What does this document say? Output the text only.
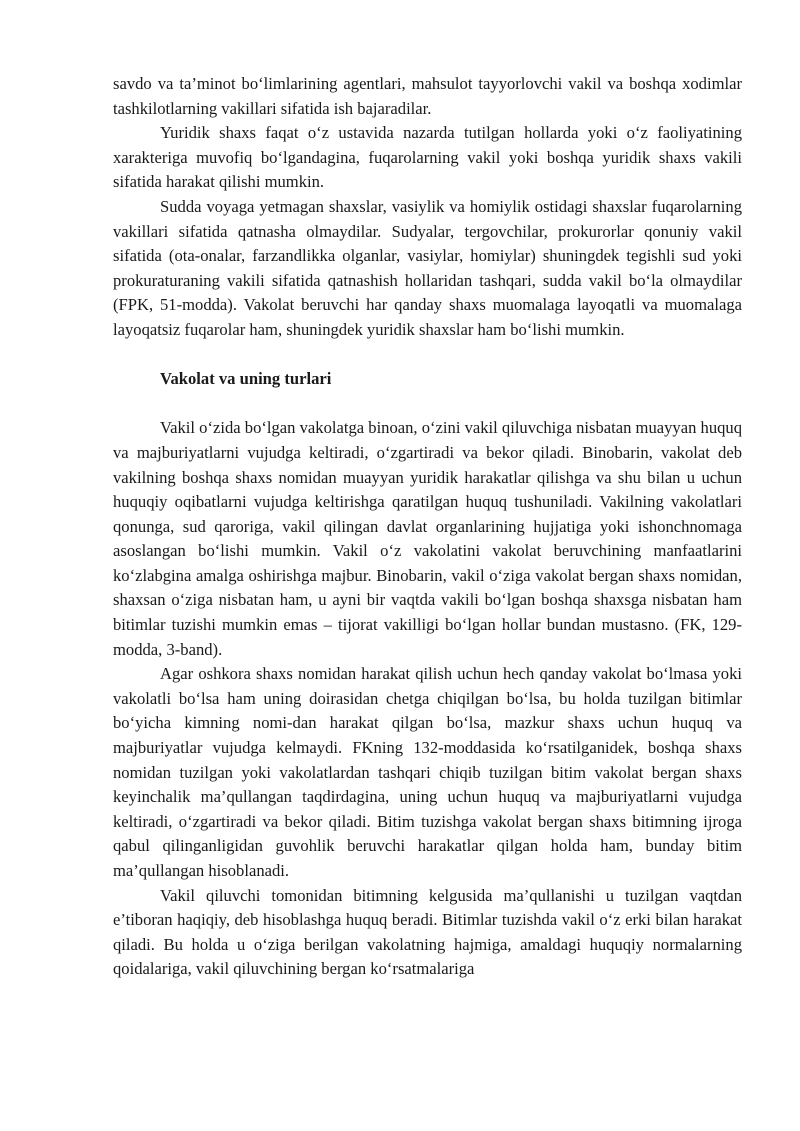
savdo va ta’minot bo‘limlarining agentlari, mahsulot tayyorlovchi vakil va boshqa xodimlar tashkilotlarning vakillari sifatida ish bajaradilar.

Yuridik shaxs faqat o‘z ustavida nazarda tutilgan hollarda yoki o‘z faoliyatining xarakteriga muvofiq bo‘lgandagina, fuqarolarning vakil yoki boshqa yuridik shaxs vakili sifatida harakat qilishi mumkin.

Sudda voyaga yetmagan shaxslar, vasiylik va homiylik ostidagi shaxslar fuqarolarning vakillari sifatida qatnasha olmaydilar. Sudyalar, tergovchilar, prokurorlar qonuniy vakil sifatida (ota-onalar, farzandlikka olganlar, vasiylar, homiylar) shuningdek tegishli sud yoki prokuraturaning vakili sifatida qatnashish hollaridan tashqari, sudda vakil bo‘la olmaydilar (FPK, 51-modda). Vakolat beruvchi har qanday shaxs muomalaga layoqatli va muomalaga layoqatsiz fuqarolar ham, shuningdek yuridik shaxslar ham bo‘lishi mumkin.

Vakolat va uning turlari

Vakil o‘zida bo‘lgan vakolatga binoan, o‘zini vakil qiluvchiga nisbatan muayyan huquq va majburiyatlarni vujudga keltiradi, o‘zgartiradi va bekor qiladi. Binobarin, vakolat deb vakilning boshqa shaxs nomidan muayyan yuridik harakatlar qilishga va shu bilan u uchun huquqiy oqibatlarni vujudga keltirishga qaratilgan huquq tushuniladi. Vakilning vakolatlari qonunga, sud qaroriga, vakil qilingan davlat organlarining hujjatiga yoki ishonchnomaga asoslangan bo‘lishi mumkin. Vakil o‘z vakolatini vakolat beruvchining manfaatlarini ko‘zlabgina amalga oshirishga majbur. Binobarin, vakil o‘ziga vakolat bergan shaxs nomidan, shaxsan o‘ziga nisbatan ham, u ayni bir vaqtda vakili bo‘lgan boshqa shaxsga nisbatan ham bitimlar tuzishi mumkin emas – tijorat vakilligi bo‘lgan hollar bundan mustasno. (FK, 129-modda, 3-band).

Agar oshkora shaxs nomidan harakat qilish uchun hech qanday vakolat bo‘lmasa yoki vakolatli bo‘lsa ham uning doirasidan chetga chiqilgan bo‘lsa, bu holda tuzilgan bitimlar bo‘yicha kimning nomi-dan harakat qilgan bo‘lsa, mazkur shaxs uchun huquq va majburiyatlar vujudga kelmaydi. FKning 132-moddasida ko‘rsatilganidek, boshqa shaxs nomidan tuzilgan yoki vakolatlardan tashqari chiqib tuzilgan bitim vakolat bergan shaxs keyinchalik ma’qullangan taqdirdagina, uning uchun huquq va majburiyatlarni vujudga keltiradi, o‘zgartiradi va bekor qiladi. Bitim tuzishga vakolat bergan shaxs bitimning ijroga qabul qilinganligidan guvohlik beruvchi harakatlar qilgan holda ham, bunday bitim ma’qullangan hisoblanadi.

Vakil qiluvchi tomonidan bitimning kelgusida ma’qullanishi u tuzilgan vaqtdan e’tiboran haqiqiy, deb hisoblashga huquq beradi. Bitimlar tuzishda vakil o‘z erki bilan harakat qiladi. Bu holda u o‘ziga berilgan vakolatning hajmiga, amaldagi huquqiy normalarning qoidalariga, vakil qiluvchining bergan ko‘rsatmalariga
